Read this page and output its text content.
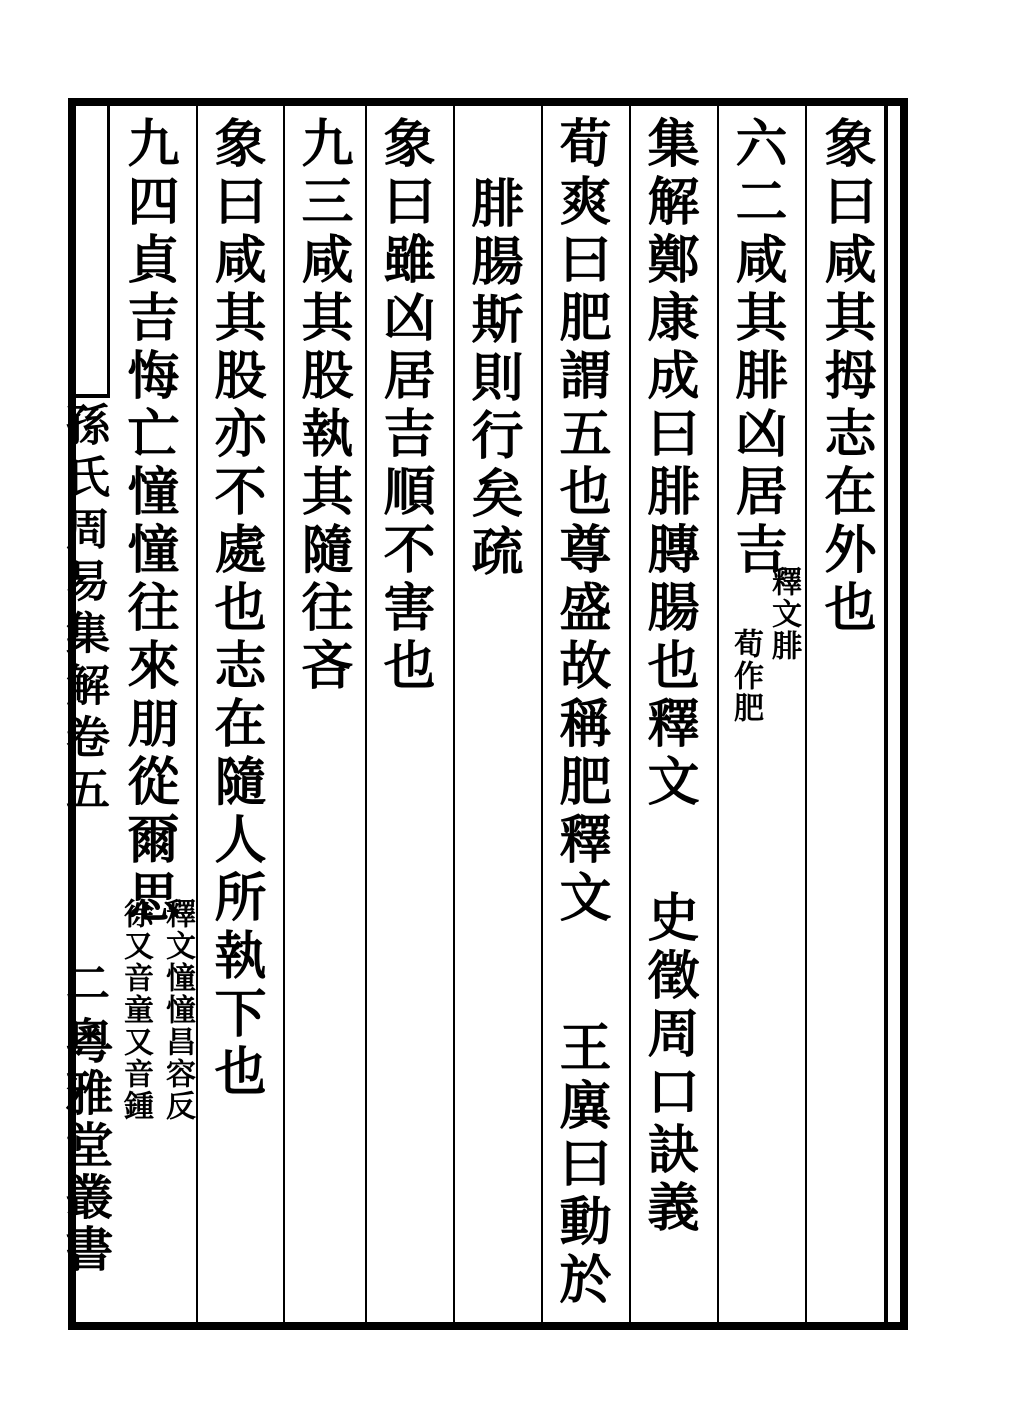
象曰咸其拇志在外也
六二咸其腓凶居吉
釋文腓
荀作肥
集解鄭康成曰腓膞腸也釋文
史徵周口訣義
荀爽曰肥謂五也尊盛故稱肥釋文
王廙曰動於
腓腸斯則行矣疏
象曰雖凶居吉順不害也
九三咸其股執其隨往吝
象曰咸其股亦不處也志在隨人所執下也
九四貞吉悔亡憧憧往來朋從爾思
釋文憧憧昌容反
徐又音童又音鍾
孫氏周易集解卷五
二
粵雅堂叢書
